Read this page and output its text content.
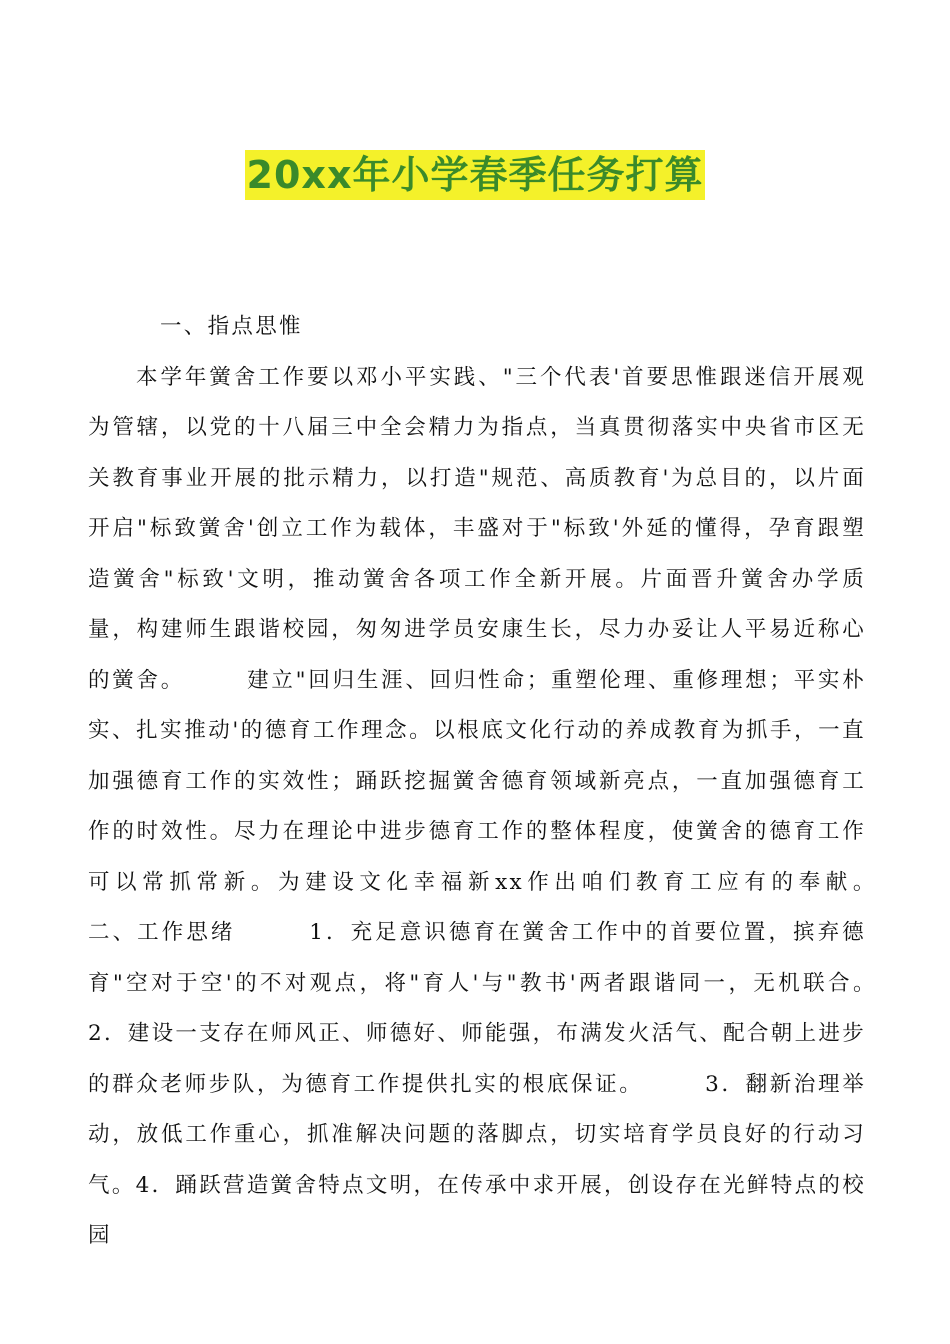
20xx年小学春季任务打算

一、指点思惟

本学年黉舍工作要以邓小平实践、"三个代表'首要思惟跟迷信开展观为管辖，以党的十八届三中全会精力为指点，当真贯彻落实中央省市区无关教育事业开展的批示精力，以打造"规范、高质教育'为总目的，以片面开启"标致黉舍'创立工作为载体，丰盛对于"标致'外延的懂得，孕育跟塑造黉舍"标致'文明，推动黉舍各项工作全新开展。片面晋升黉舍办学质量，构建师生跟谐校园，匆匆进学员安康生长，尽力办妥让人平易近称心的黉舍。　　　建立"回归生涯、回归性命；重塑伦理、重修理想；平实朴实、扎实推动'的德育工作理念。以根底文化行动的养成教育为抓手，一直加强德育工作的实效性；踊跃挖掘黉舍德育领域新亮点，一直加强德育工作的时效性。尽力在理论中进步德育工作的整体程度，使黉舍的德育工作可以常抓常新。为建设文化幸福新xx作出咱们教育工应有的奉献。　　　二、工作思绪　　　1．充足意识德育在黉舍工作中的首要位置，摈弃德育"空对于空'的不对观点，将"育人'与"教书'两者跟谐同一，无机联合。　　　2．建设一支存在师风正、师德好、师能强，布满发火活气、配合朝上进步的群众老师步队，为德育工作提供扎实的根底保证。　　　3．翻新治理举动，放低工作重心，抓准解决问题的落脚点，切实培育学员良好的行动习气。4．踊跃营造黉舍特点文明，在传承中求开展，创设存在光鲜特点的校园
